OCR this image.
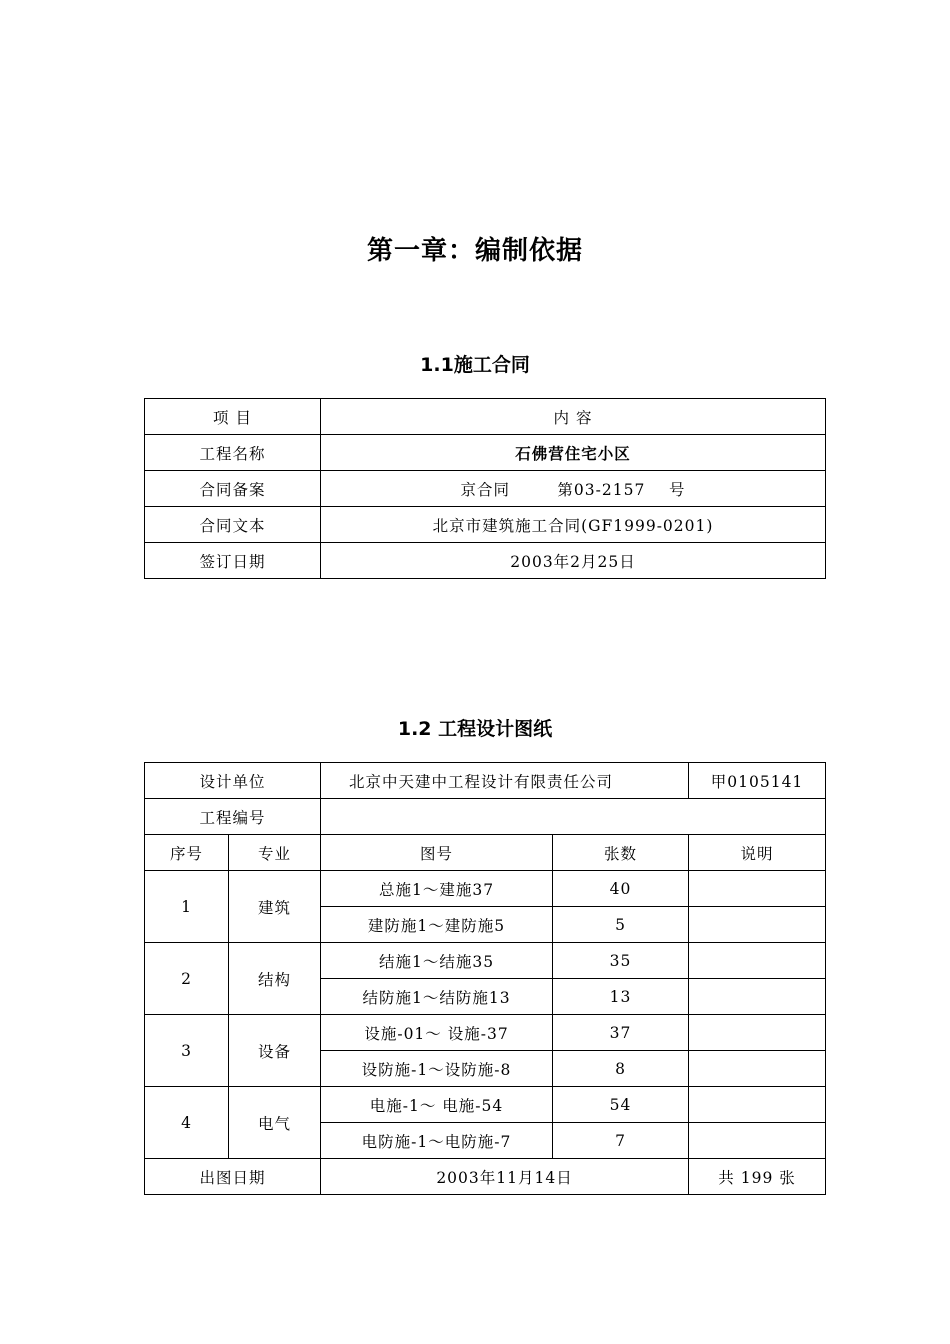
第一章：编制依据
1.1施工合同
项 目	内 容
工程名称	石佛营住宅小区
合同备案	京合同        第03-2157    号
合同文本	北京市建筑施工合同(GF1999-0201)
签订日期	2003年2月25日
1.2 工程设计图纸
设计单位		北京中天建中工程设计有限责任公司		甲0105141
工程编号				
序号	专业	图号	张数	说明
1	建筑	总施1～建施37	40	
		建防施1～建防施5	5	
2	结构	结施1～结施35	35	
		结防施1～结防施13	13	
3	设备	设施-01～ 设施-37	37	
		设防施-1～设防施-8	8	
4	电气	电施-1～ 电施-54	54	
		电防施-1～电防施-7	7	
出图日期		2003年11月14日		共 199 张
